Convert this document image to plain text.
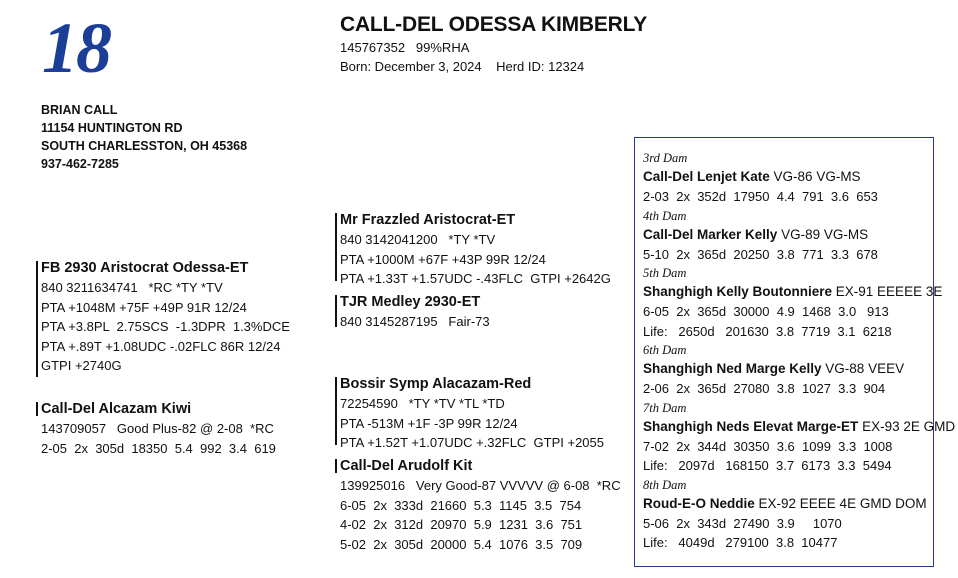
18
BRIAN CALL
11154 HUNTINGTON RD
SOUTH CHARLESSTON, OH 45368
937-462-7285
CALL-DEL ODESSA KIMBERLY
145767352   99%RHA
Born: December 3, 2024    Herd ID: 12324
Mr Frazzled Aristocrat-ET
840 3142041200   *TY *TV
PTA +1000M +67F +43P 99R 12/24
PTA +1.33T +1.57UDC -.43FLC  GTPI +2642G
TJR Medley 2930-ET
840 3145287195   Fair-73
FB 2930 Aristocrat Odessa-ET
840 3211634741   *RC *TY *TV
PTA +1048M +75F +49P 91R 12/24
PTA +3.8PL  2.75SCS  -1.3DPR  1.3%DCE
PTA +.89T +1.08UDC -.02FLC 86R 12/24
GTPI +2740G
Call-Del Alcazam Kiwi
143709057   Good Plus-82 @ 2-08  *RC
2-05  2x  305d  18350  5.4  992  3.4  619
Bossir Symp Alacazam-Red
72254590   *TY *TV *TL *TD
PTA -513M +1F -3P 99R 12/24
PTA +1.52T +1.07UDC +.32FLC  GTPI +2055
Call-Del Arudolf Kit
139925016   Very Good-87 VVVVV @ 6-08  *RC
6-05  2x  333d  21660  5.3  1145  3.5  754
4-02  2x  312d  20970  5.9  1231  3.6  751
5-02  2x  305d  20000  5.4  1076  3.5  709
3rd Dam
Call-Del Lenjet Kate VG-86 VG-MS
2-03  2x  352d  17950  4.4  791  3.6  653
4th Dam
Call-Del Marker Kelly VG-89 VG-MS
5-10  2x  365d  20250  3.8  771  3.3  678
5th Dam
Shanghigh Kelly Boutonniere EX-91 EEEEE 3E
6-05  2x  365d  30000  4.9  1468  3.0   913
Life:   2650d   201630  3.8  7719  3.1  6218
6th Dam
Shanghigh Ned Marge Kelly VG-88 VEEV
2-06  2x  365d  27080  3.8  1027  3.3  904
7th Dam
Shanghigh Neds Elevat Marge-ET EX-93 2E GMD
7-02  2x  344d  30350  3.6  1099  3.3  1008
Life:   2097d   168150  3.7  6173  3.3  5494
8th Dam
Roud-E-O Neddie EX-92 EEEE 4E GMD DOM
5-06  2x  343d  27490  3.9     1070
Life:   4049d   279100  3.8  10477
